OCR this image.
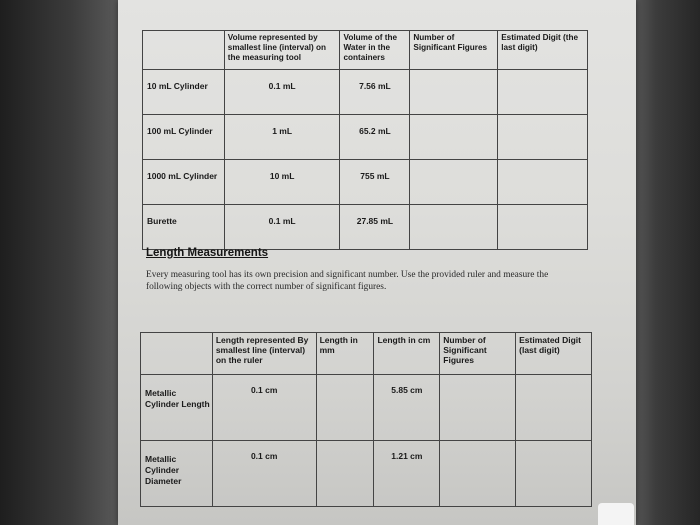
	Volume represented by smallest line (interval) on the measuring tool	Volume of the Water in the containers	Number of Significant Figures	Estimated Digit (the last digit)
10 mL Cylinder	0.1 mL	7.56 mL		
100 mL Cylinder	1 mL	65.2 mL		
1000 mL Cylinder	10 mL	755 mL		
Burette	0.1 mL	27.85 mL		
Length Measurements
Every measuring tool has its own precision and significant number. Use the provided ruler and measure the following objects with the correct number of significant figures.
	Length represented By smallest line (interval) on the ruler	Length in mm	Length in cm	Number of Significant Figures	Estimated Digit (last digit)
Metallic Cylinder Length	0.1 cm		5.85 cm		
Metallic Cylinder Diameter	0.1 cm		1.21 cm		
